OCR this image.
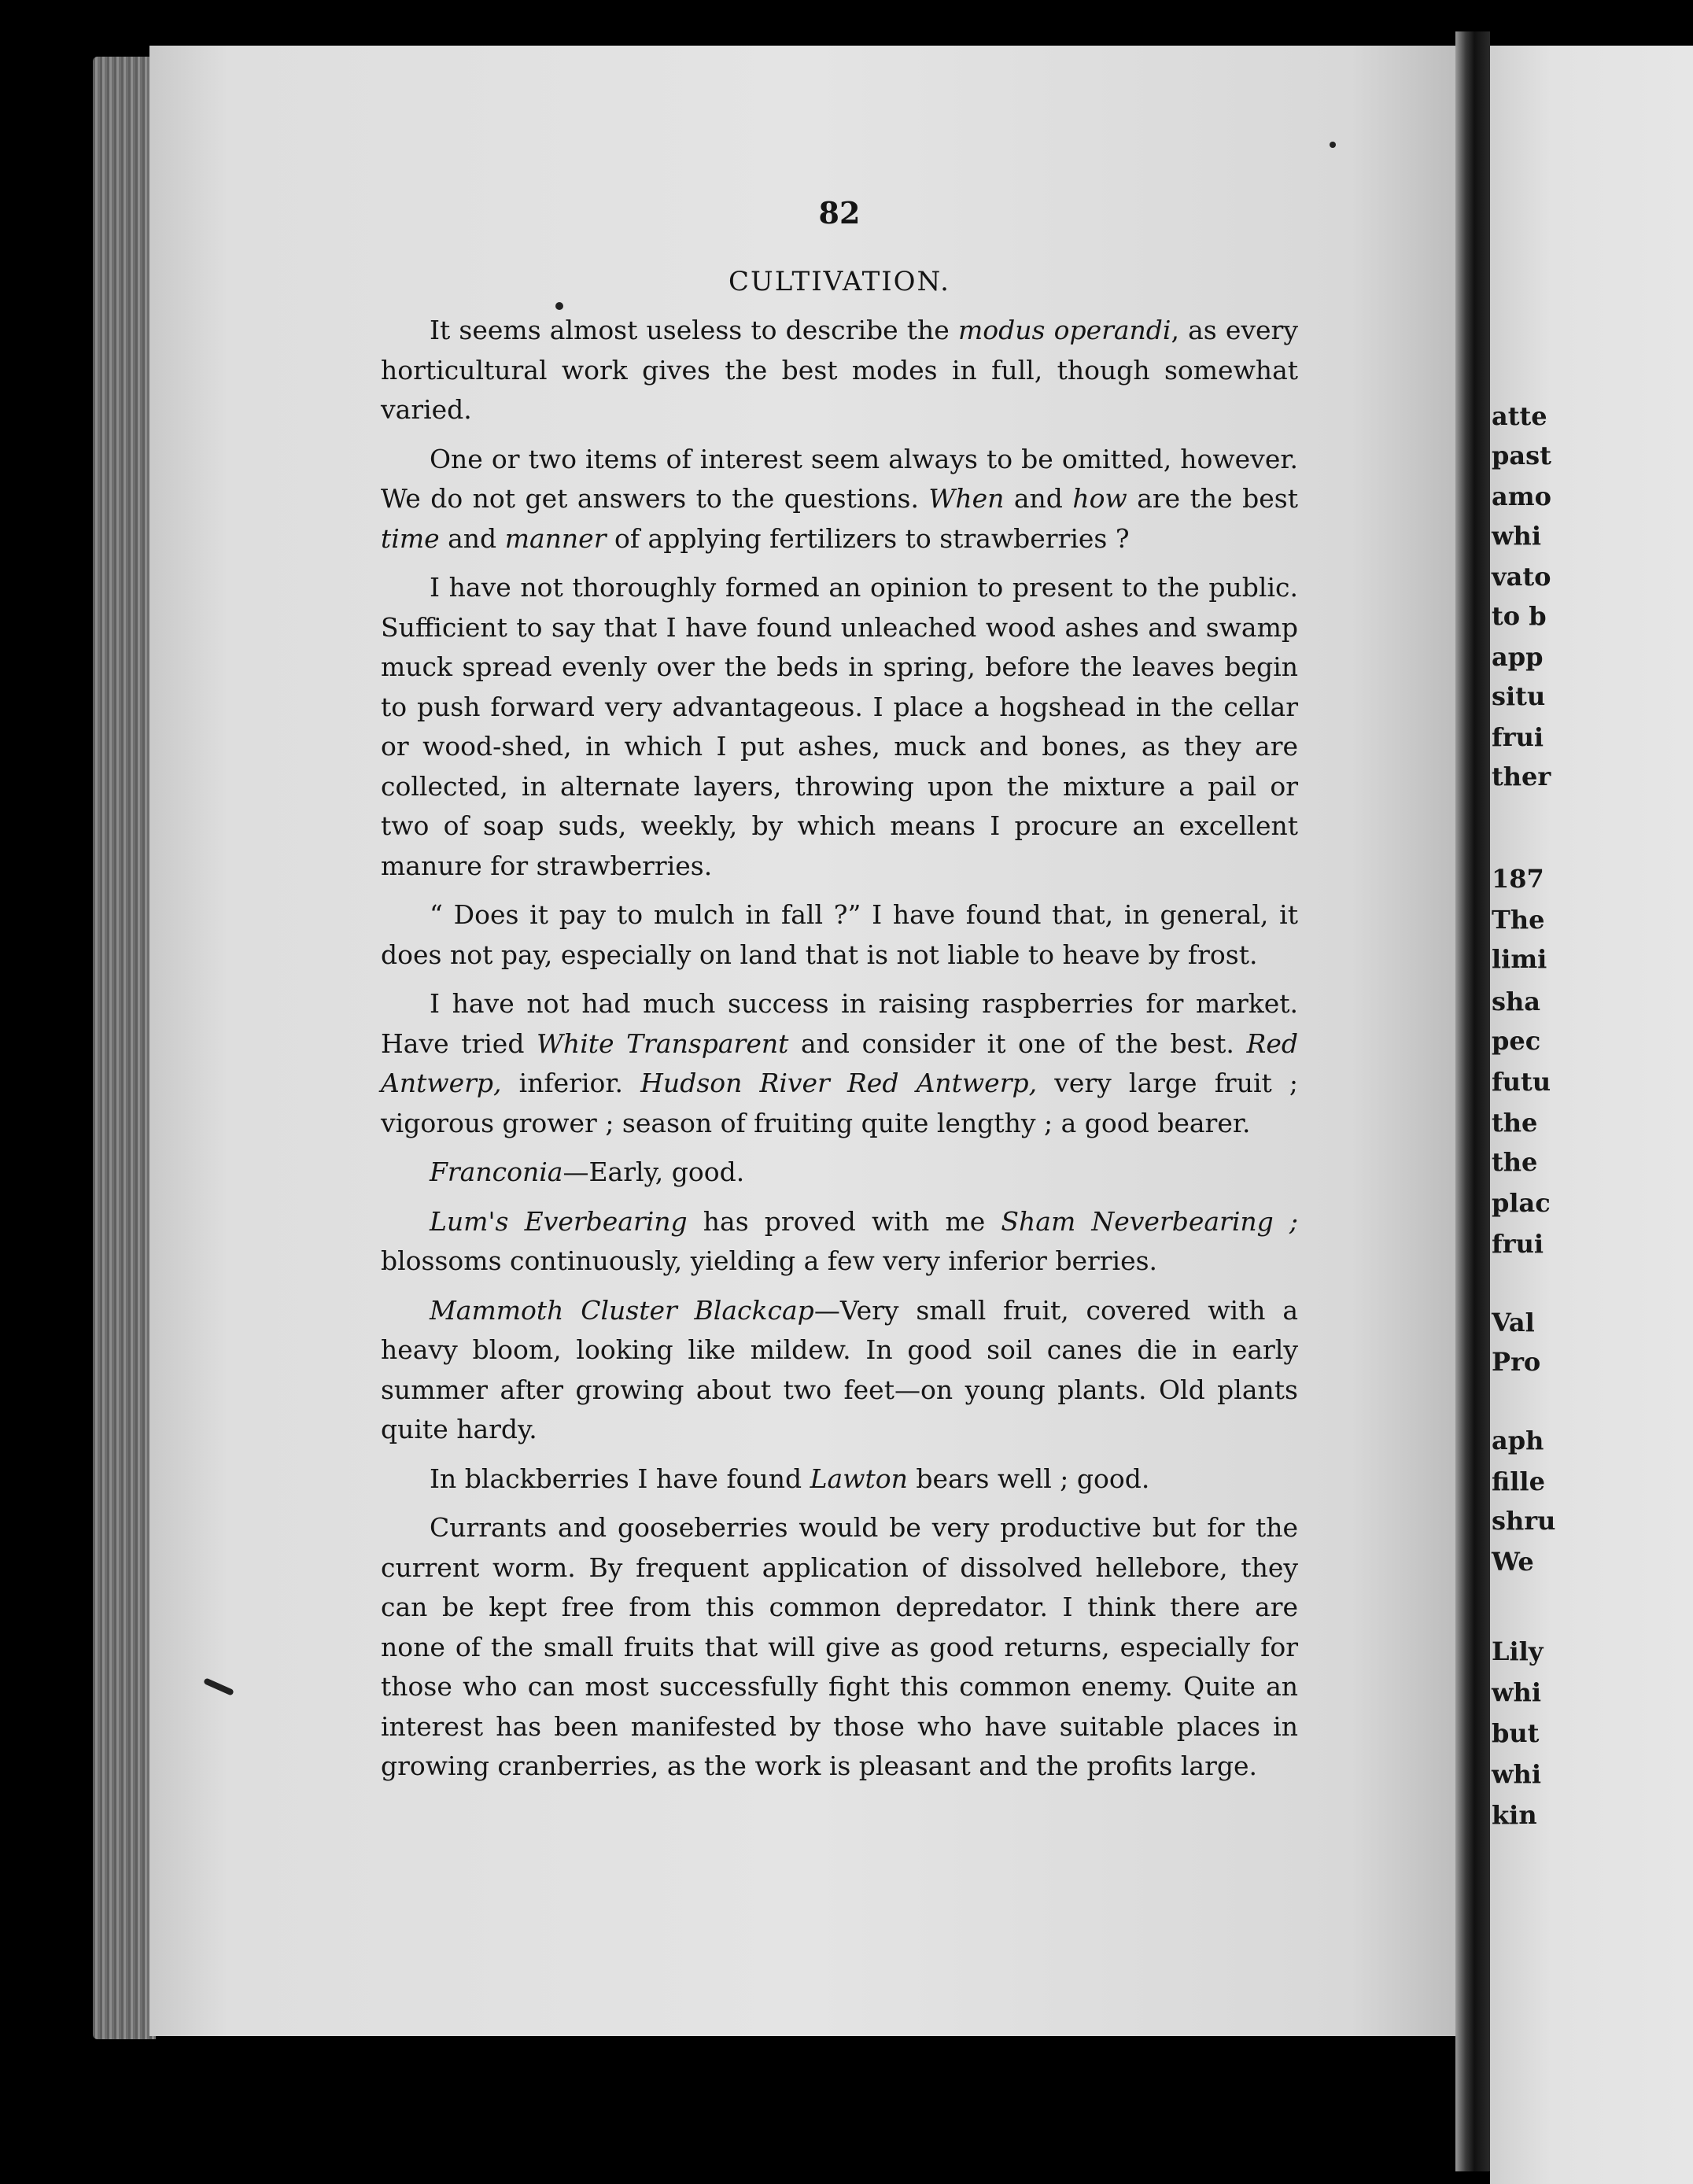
82
CULTIVATION.

It seems almost useless to describe the modus operandi, as every horticultural work gives the best modes in full, though somewhat varied.

One or two items of interest seem always to be omitted, however. We do not get answers to the questions. When and how are the best time and manner of applying fertilizers to strawberries ?

I have not thoroughly formed an opinion to present to the public. Sufficient to say that I have found unleached wood ashes and swamp muck spread evenly over the beds in spring, before the leaves begin to push forward very advantageous. I place a hogshead in the cellar or wood-shed, in which I put ashes, muck and bones, as they are collected, in alternate layers, throwing upon the mixture a pail or two of soap suds, weekly, by which means I procure an excellent manure for strawberries.

“ Does it pay to mulch in fall ?” I have found that, in general, it does not pay, especially on land that is not liable to heave by frost.

I have not had much success in raising raspberries for market. Have tried White Transparent and consider it one of the best. Red Antwerp, inferior. Hudson River Red Antwerp, very large fruit ; vigorous grower ; season of fruiting quite lengthy ; a good bearer.

Franconia—Early, good.

Lum's Everbearing has proved with me Sham Neverbearing ; blossoms continuously, yielding a few very inferior berries.

Mammoth Cluster Blackcap—Very small fruit, covered with a heavy bloom, looking like mildew. In good soil canes die in early summer after growing about two feet—on young plants. Old plants quite hardy.

In blackberries I have found Lawton bears well ; good.

Currants and gooseberries would be very productive but for the current worm. By frequent application of dissolved hellebore, they can be kept free from this common depredator. I think there are none of the small fruits that will give as good returns, especially for those who can most successfully fight this common enemy. Quite an interest has been manifested by those who have suitable places in growing cranberries, as the work is pleasant and the profits large.

atte
past
amo
whi
vato
to b
app
situ
frui
ther
187
The
limi
sha
pec
futu
the
the
plac
frui
Val
Pro
aph
fille
shru
We
Lily
whi
but
whi
kin
